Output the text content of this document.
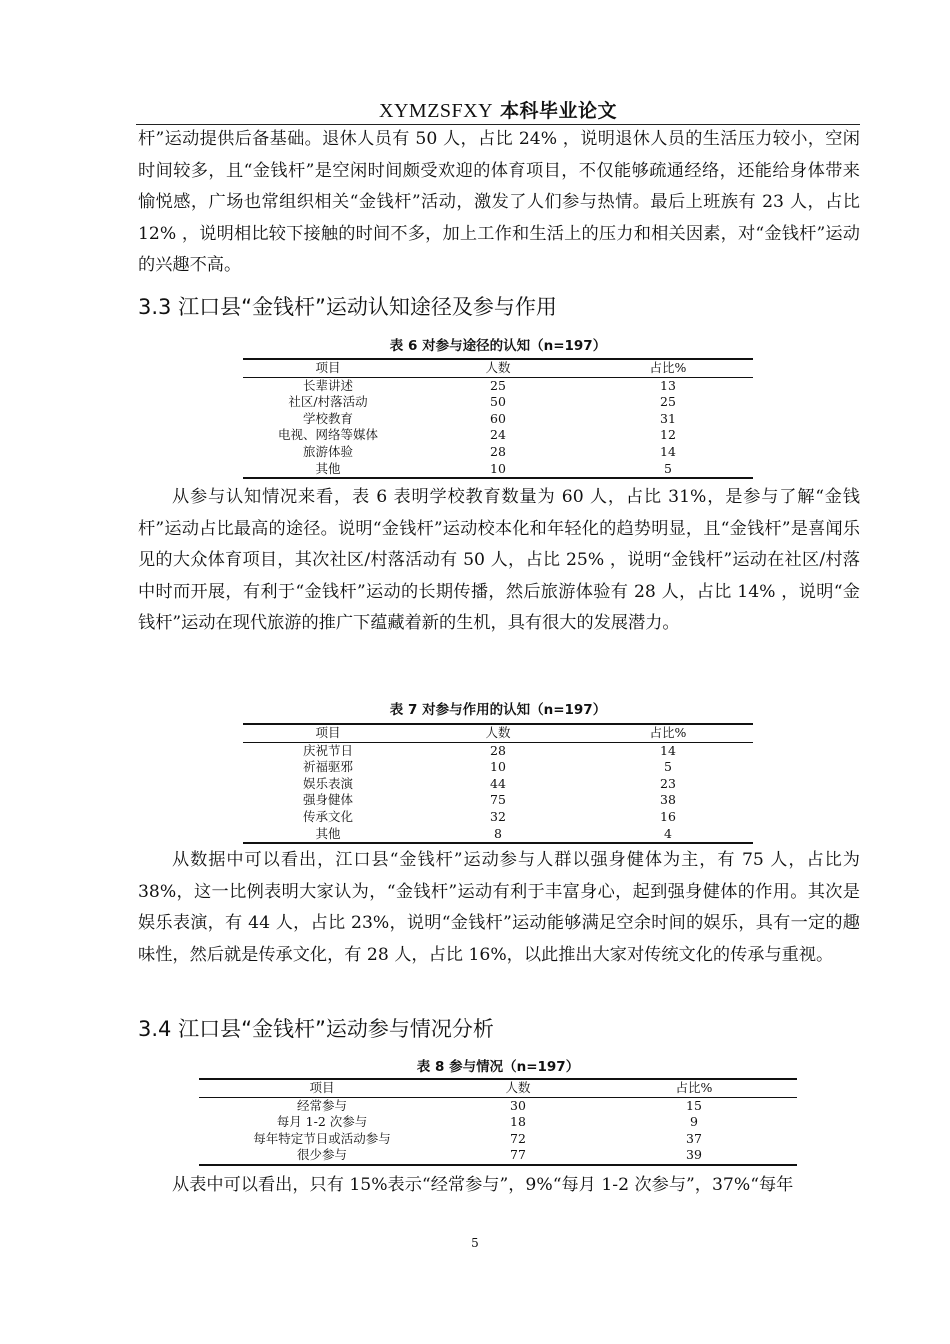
XYMZSFXY 本科毕业论文

杆”运动提供后备基础。退休人员有 50 人，占比 24% ，说明退休人员的生活压力较小，空闲时间较多，且“金钱杆”是空闲时间颇受欢迎的体育项目，不仅能够疏通经络，还能给身体带来愉悦感，广场也常组织相关“金钱杆”活动，激发了人们参与热情。最后上班族有 23 人，占比 12% ，说明相比较下接触的时间不多，加上工作和生活上的压力和相关因素，对“金钱杆”运动的兴趣不高。

3.3 江口县“金钱杆”运动认知途径及参与作用
表 6 对参与途径的认知（n=197）
项目	人数	占比%
长辈讲述	25	13
社区/村落活动	50	25
学校教育	60	31
电视、网络等媒体	24	12
旅游体验	28	14
其他	10	5

从参与认知情况来看，表 6 表明学校教育数量为 60 人，占比 31%，是参与了解“金钱杆”运动占比最高的途径。说明“金钱杆”运动校本化和年轻化的趋势明显，且“金钱杆”是喜闻乐见的大众体育项目，其次社区/村落活动有 50 人，占比 25% ，说明“金钱杆”运动在社区/村落中时而开展，有利于“金钱杆”运动的长期传播，然后旅游体验有 28 人，占比 14% ，说明“金钱杆”运动在现代旅游的推广下蕴藏着新的生机，具有很大的发展潜力。

表 7 对参与作用的认知（n=197）
项目	人数	占比%
庆祝节日	28	14
祈福驱邪	10	5
娱乐表演	44	23
强身健体	75	38
传承文化	32	16
其他	8	4

从数据中可以看出，江口县“金钱杆”运动参与人群以强身健体为主，有 75 人，占比为 38%，这一比例表明大家认为，“金钱杆”运动有利于丰富身心，起到强身健体的作用。其次是娱乐表演，有 44 人，占比 23%，说明“金钱杆”运动能够满足空余时间的娱乐，具有一定的趣味性，然后就是传承文化，有 28 人，占比 16%，以此推出大家对传统文化的传承与重视。

3.4 江口县“金钱杆”运动参与情况分析
表 8 参与情况（n=197）
项目	人数	占比%
经常参与	30	15
每月 1-2 次参与	18	9
每年特定节日或活动参与	72	37
很少参与	77	39

从表中可以看出，只有 15%表示“经常参与”，9%“每月 1-2 次参与”，37%“每年

5
